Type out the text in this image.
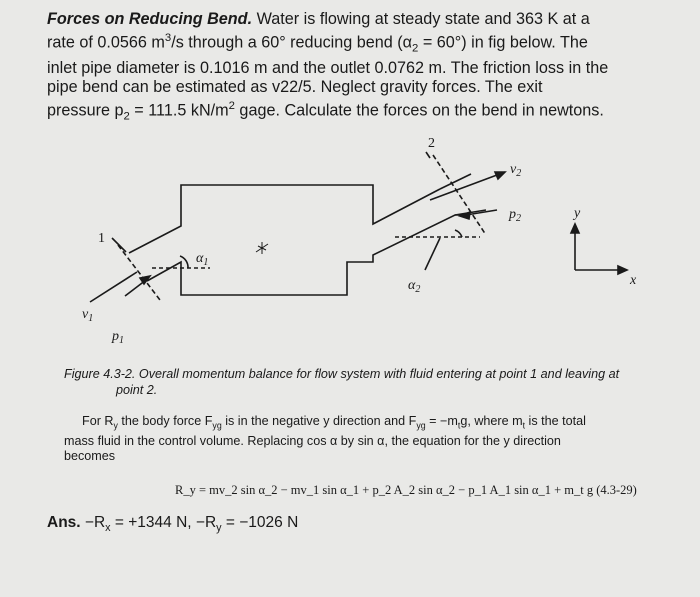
Forces on Reducing Bend. Water is flowing at steady state and 363 K at a
rate of 0.0566 $m^3/s$ through a 60° reducing bend $(\alpha_2 = 60^\circ)$ in fig below. The
inlet pipe diameter is 0.1016 m and the outlet 0.0762 m. The friction loss in the
pipe bend can be estimated as v22/5. Neglect gravity forces. The exit
pressure $p_2 = 111.5$ $kN/m^2$ gage. Calculate the forces on the bend in newtons.
2
$v_2$
$p_2$	y
x
1
$\alpha_1$
$\alpha_2$
$v_1$
$p_1$
Figure 4.3-2. Overall momentum balance for flow system with fluid entering at point 1 and leaving at
point 2.
For $R_y$ the body force $F_{yg}$ is in the negative y direction and $F_{yg} = -m_tg$, where $m_t$ is the total
mass fluid in the control volume. Replacing cos α by sin α, the equation for the y direction
becomes
R_y = mv_2 sin α_2 − mv_1 sin α_1 + p_2 A_2 sin α_2 − p_1 A_1 sin α_1 + m_t g (4.3-29)
Ans. $-R_x = +1344$ N, $-R_y = -1026$ N
